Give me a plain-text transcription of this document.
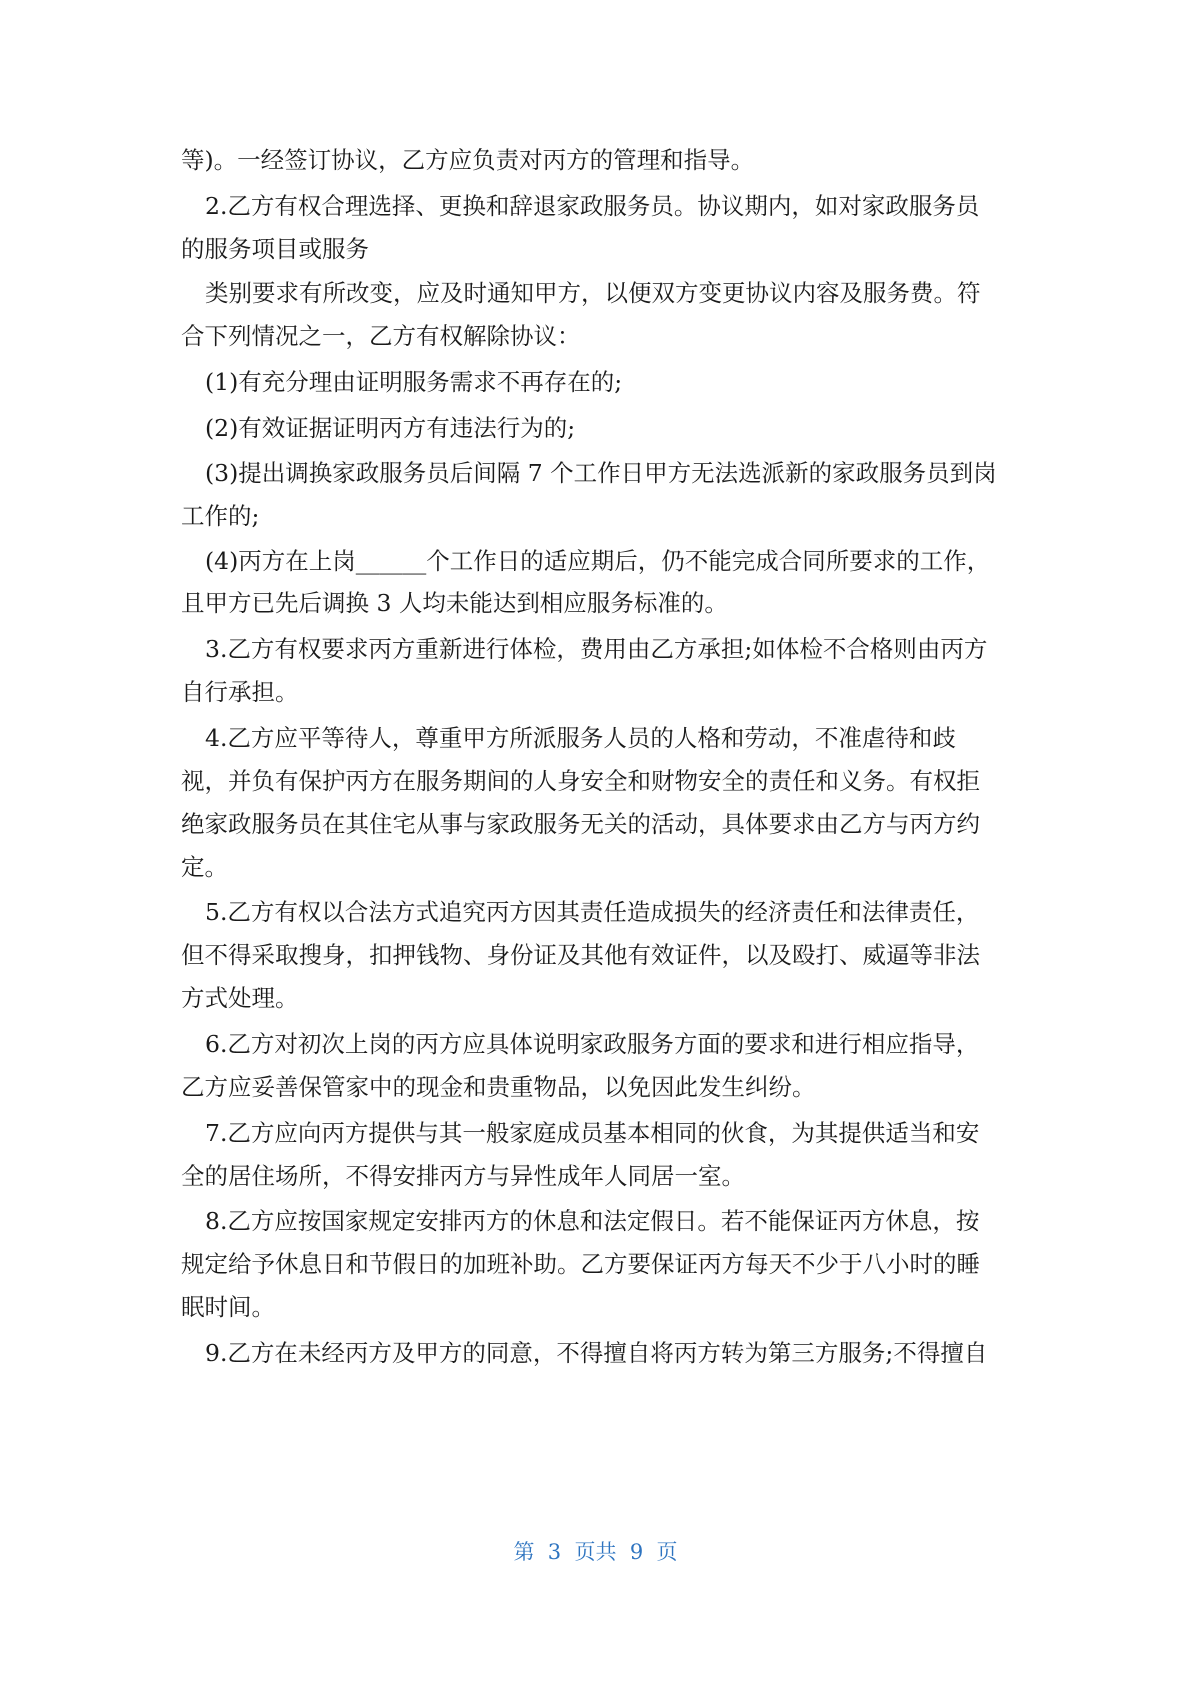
等)。一经签订协议，乙方应负责对丙方的管理和指导。
2.乙方有权合理选择、更换和辞退家政服务员。协议期内，如对家政服务员
的服务项目或服务
类别要求有所改变，应及时通知甲方，以便双方变更协议内容及服务费。符
合下列情况之一，乙方有权解除协议：
(1)有充分理由证明服务需求不再存在的;
(2)有效证据证明丙方有违法行为的;
(3)提出调换家政服务员后间隔 7 个工作日甲方无法选派新的家政服务员到岗
工作的;
(4)丙方在上岗______个工作日的适应期后，仍不能完成合同所要求的工作，
且甲方已先后调换 3 人均未能达到相应服务标准的。
3.乙方有权要求丙方重新进行体检，费用由乙方承担;如体检不合格则由丙方
自行承担。
4.乙方应平等待人，尊重甲方所派服务人员的人格和劳动，不准虐待和歧
视，并负有保护丙方在服务期间的人身安全和财物安全的责任和义务。有权拒
绝家政服务员在其住宅从事与家政服务无关的活动，具体要求由乙方与丙方约
定。
5.乙方有权以合法方式追究丙方因其责任造成损失的经济责任和法律责任，
但不得采取搜身，扣押钱物、身份证及其他有效证件，以及殴打、威逼等非法
方式处理。
6.乙方对初次上岗的丙方应具体说明家政服务方面的要求和进行相应指导，
乙方应妥善保管家中的现金和贵重物品，以免因此发生纠纷。
7.乙方应向丙方提供与其一般家庭成员基本相同的伙食，为其提供适当和安
全的居住场所，不得安排丙方与异性成年人同居一室。
8.乙方应按国家规定安排丙方的休息和法定假日。若不能保证丙方休息，按
规定给予休息日和节假日的加班补助。乙方要保证丙方每天不少于八小时的睡
眠时间。
9.乙方在未经丙方及甲方的同意，不得擅自将丙方转为第三方服务;不得擅自
第  3  页共  9  页
